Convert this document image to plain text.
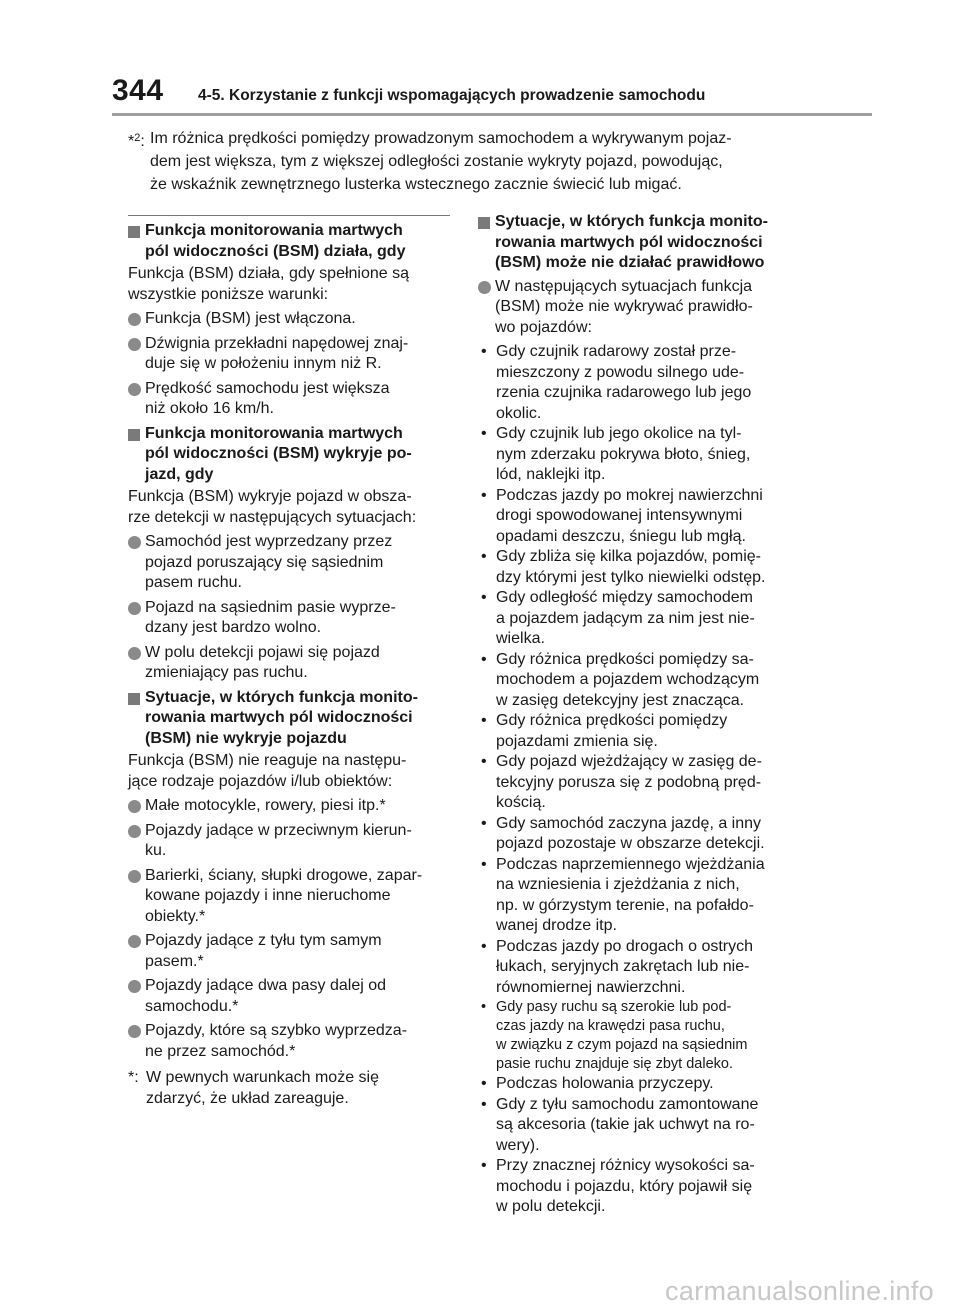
344 4-5. Korzystanie z funkcji wspomagających prowadzenie samochodu
*$^2$: Im różnica prędkości pomiędzy prowadzonym samochodem a wykrywanym pojaz-
dem jest większa, tym z większej odległości zostanie wykryty pojazd, powodując,
że wskaźnik zewnętrznego lusterka wstecznego zacznie świecić lub migać.
Funkcja monitorowania martwych
pól widoczności (BSM) działa, gdy
Funkcja (BSM) działa, gdy spełnione są
wszystkie poniższe warunki:
Funkcja (BSM) jest włączona.
Dźwignia przekładni napędowej znaj-
duje się w położeniu innym niż R.
Prędkość samochodu jest większa
niż około 16 km/h.
Funkcja monitorowania martwych
pól widoczności (BSM) wykryje po-
jazd, gdy
Funkcja (BSM) wykryje pojazd w obsza-
rze detekcji w następujących sytuacjach:
Samochód jest wyprzedzany przez
pojazd poruszający się sąsiednim
pasem ruchu.
Pojazd na sąsiednim pasie wyprze-
dzany jest bardzo wolno.
W polu detekcji pojawi się pojazd
zmieniający pas ruchu.
Sytuacje, w których funkcja monito-
rowania martwych pól widoczności
(BSM) nie wykryje pojazdu
Funkcja (BSM) nie reaguje na następu-
jące rodzaje pojazdów i/lub obiektów:
Małe motocykle, rowery, piesi itp.*
Pojazdy jadące w przeciwnym kierun-
ku.
Barierki, ściany, słupki drogowe, zapar-
kowane pojazdy i inne nieruchome
obiekty.*
Pojazdy jadące z tyłu tym samym
pasem.*
Pojazdy jadące dwa pasy dalej od
samochodu.*
Pojazdy, które są szybko wyprzedza-
ne przez samochód.*
*: W pewnych warunkach może się
zdarzyć, że układ zareaguje.
Sytuacje, w których funkcja monito-
rowania martwych pól widoczności
(BSM) może nie działać prawidłowo
W następujących sytuacjach funkcja
(BSM) może nie wykrywać prawidło-
wo pojazdów:
• Gdy czujnik radarowy został prze-
mieszczony z powodu silnego ude-
rzenia czujnika radarowego lub jego
okolic.
• Gdy czujnik lub jego okolice na tyl-
nym zderzaku pokrywa błoto, śnieg,
lód, naklejki itp.
• Podczas jazdy po mokrej nawierzchni
drogi spowodowanej intensywnymi
opadami deszczu, śniegu lub mgłą.
• Gdy zbliża się kilka pojazdów, pomię-
dzy którymi jest tylko niewielki odstęp.
• Gdy odległość między samochodem
a pojazdem jadącym za nim jest nie-
wielka.
• Gdy różnica prędkości pomiędzy sa-
mochodem a pojazdem wchodzącym
w zasięg detekcyjny jest znacząca.
• Gdy różnica prędkości pomiędzy
pojazdami zmienia się.
• Gdy pojazd wjeżdżający w zasięg de-
tekcyjny porusza się z podobną pręd-
kością.
• Gdy samochód zaczyna jazdę, a inny
pojazd pozostaje w obszarze detekcji.
• Podczas naprzemiennego wjeżdżania
na wzniesienia i zjeżdżania z nich,
np. w górzystym terenie, na pofałdo-
wanej drodze itp.
• Podczas jazdy po drogach o ostrych
łukach, seryjnych zakrętach lub nie-
równomiernej nawierzchni.
• Gdy pasy ruchu są szerokie lub pod-
czas jazdy na krawędzi pasa ruchu,
w związku z czym pojazd na sąsiednim
pasie ruchu znajduje się zbyt daleko.
• Podczas holowania przyczepy.
• Gdy z tyłu samochodu zamontowane
są akcesoria (takie jak uchwyt na ro-
wery).
• Przy znacznej różnicy wysokości sa-
mochodu i pojazdu, który pojawił się
w polu detekcji.
carmanualsonline.info
